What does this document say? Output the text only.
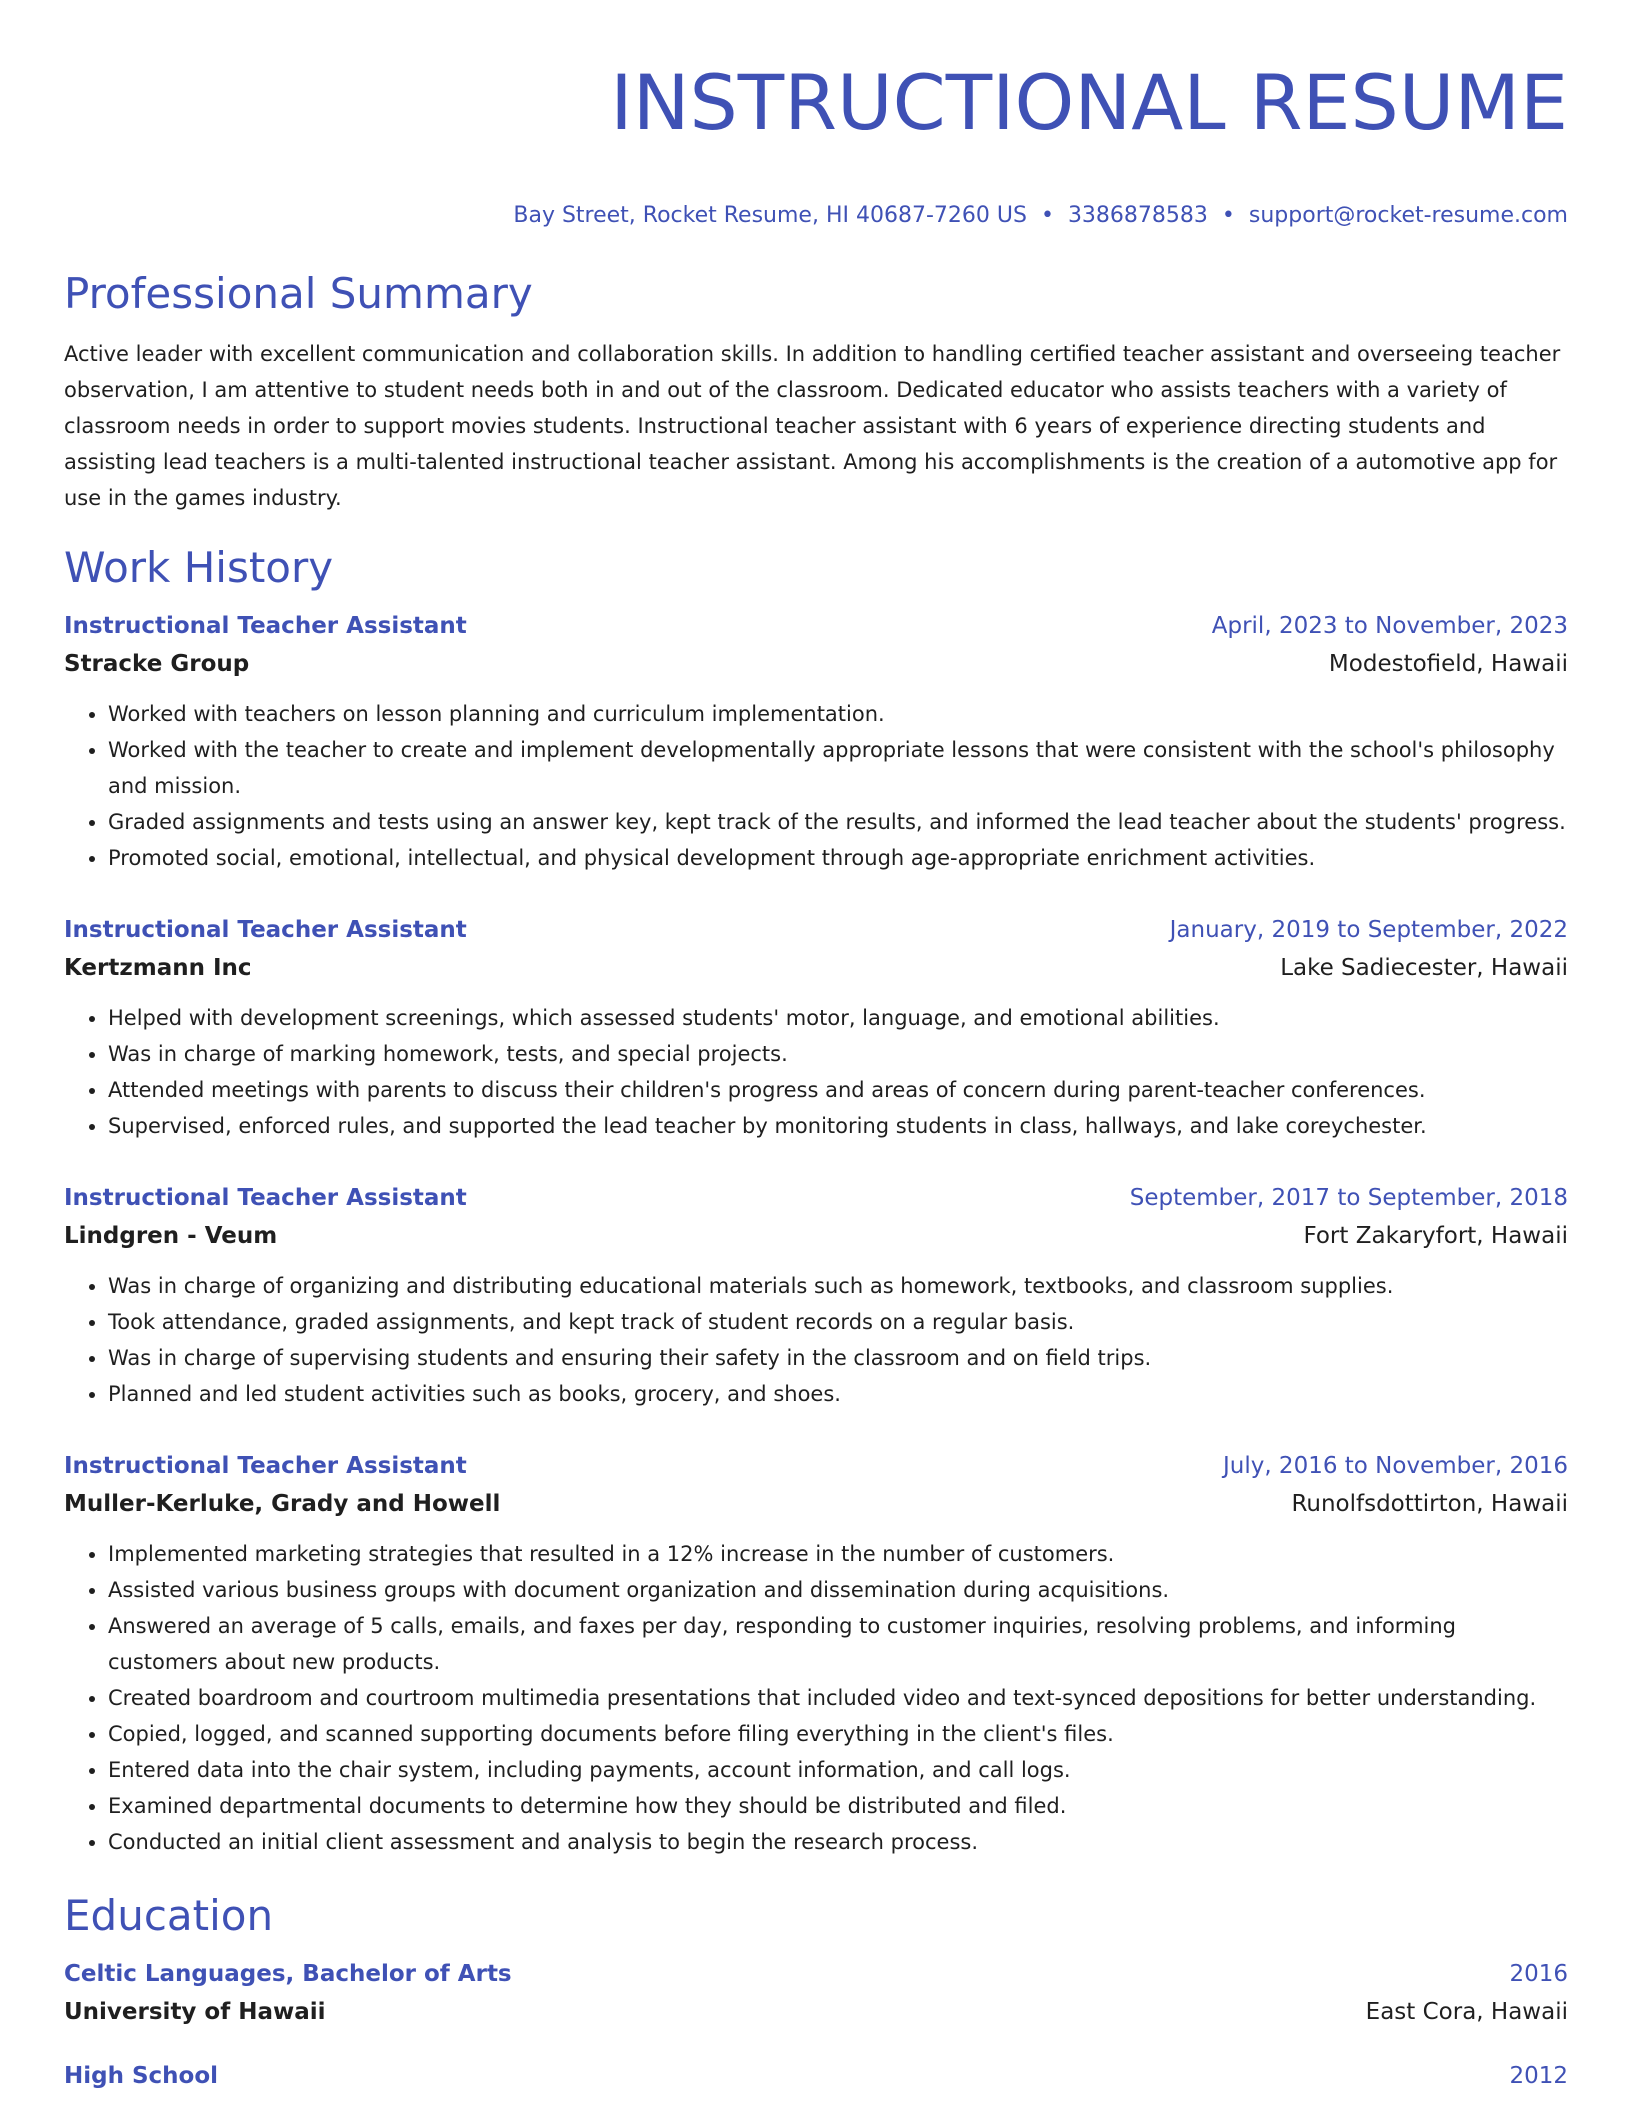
INSTRUCTIONAL RESUME
Bay Street, Rocket Resume, HI 40687-7260 US • 3386878583 • support@rocket-resume.com
Professional Summary
Active leader with excellent communication and collaboration skills. In addition to handling certified teacher assistant and overseeing teacher observation, I am attentive to student needs both in and out of the classroom. Dedicated educator who assists teachers with a variety of classroom needs in order to support movies students. Instructional teacher assistant with 6 years of experience directing students and assisting lead teachers is a multi-talented instructional teacher assistant. Among his accomplishments is the creation of a automotive app for use in the games industry.
Work History
Instructional Teacher Assistant	April, 2023 to November, 2023
Stracke Group	Modestofield, Hawaii
• Worked with teachers on lesson planning and curriculum implementation.
• Worked with the teacher to create and implement developmentally appropriate lessons that were consistent with the school's philosophy and mission.
• Graded assignments and tests using an answer key, kept track of the results, and informed the lead teacher about the students' progress.
• Promoted social, emotional, intellectual, and physical development through age-appropriate enrichment activities.
Instructional Teacher Assistant	January, 2019 to September, 2022
Kertzmann Inc	Lake Sadiecester, Hawaii
• Helped with development screenings, which assessed students' motor, language, and emotional abilities.
• Was in charge of marking homework, tests, and special projects.
• Attended meetings with parents to discuss their children's progress and areas of concern during parent-teacher conferences.
• Supervised, enforced rules, and supported the lead teacher by monitoring students in class, hallways, and lake coreychester.
Instructional Teacher Assistant	September, 2017 to September, 2018
Lindgren - Veum	Fort Zakaryfort, Hawaii
• Was in charge of organizing and distributing educational materials such as homework, textbooks, and classroom supplies.
• Took attendance, graded assignments, and kept track of student records on a regular basis.
• Was in charge of supervising students and ensuring their safety in the classroom and on field trips.
• Planned and led student activities such as books, grocery, and shoes.
Instructional Teacher Assistant	July, 2016 to November, 2016
Muller-Kerluke, Grady and Howell	Runolfsdottirton, Hawaii
• Implemented marketing strategies that resulted in a 12% increase in the number of customers.
• Assisted various business groups with document organization and dissemination during acquisitions.
• Answered an average of 5 calls, emails, and faxes per day, responding to customer inquiries, resolving problems, and informing customers about new products.
• Created boardroom and courtroom multimedia presentations that included video and text-synced depositions for better understanding.
• Copied, logged, and scanned supporting documents before filing everything in the client's files.
• Entered data into the chair system, including payments, account information, and call logs.
• Examined departmental documents to determine how they should be distributed and filed.
• Conducted an initial client assessment and analysis to begin the research process.
Education
Celtic Languages, Bachelor of Arts	2016
University of Hawaii	East Cora, Hawaii
High School	2012
